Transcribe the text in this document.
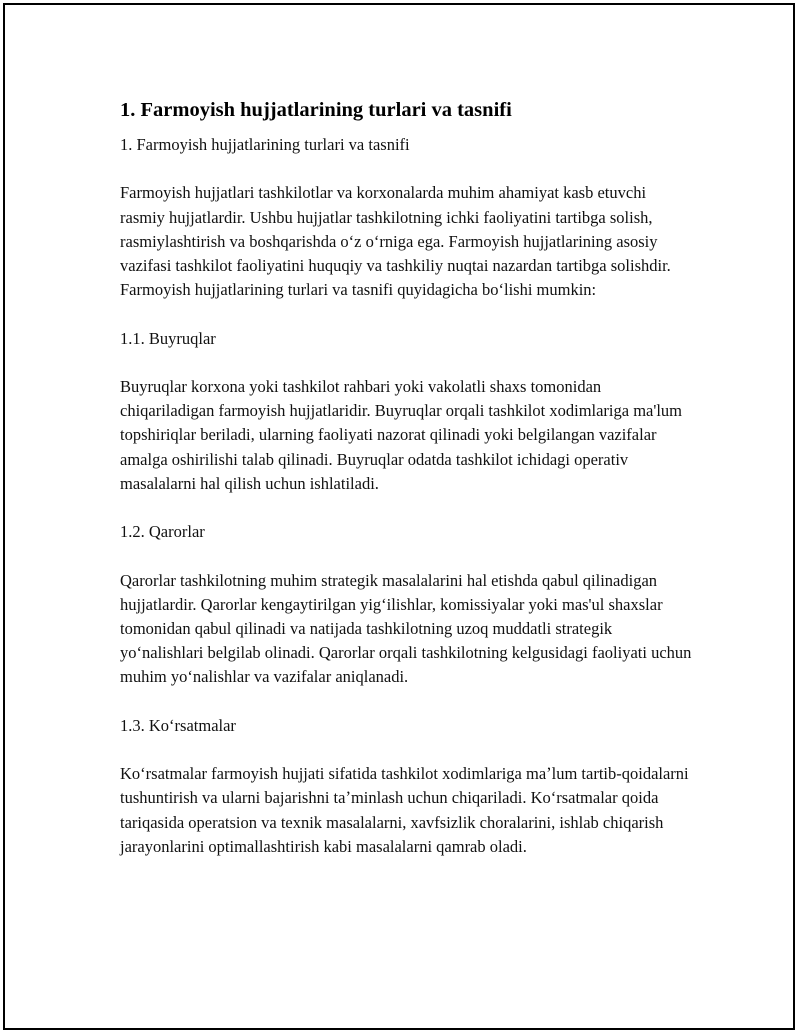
1. Farmoyish hujjatlarining turlari va tasnifi

1. Farmoyish hujjatlarining turlari va tasnifi

Farmoyish hujjatlari tashkilotlar va korxonalarda muhim ahamiyat kasb etuvchi rasmiy hujjatlardir. Ushbu hujjatlar tashkilotning ichki faoliyatini tartibga solish, rasmiylashtirish va boshqarishda oʻz oʻrniga ega. Farmoyish hujjatlarining asosiy vazifasi tashkilot faoliyatini huquqiy va tashkiliy nuqtai nazardan tartibga solishdir. Farmoyish hujjatlarining turlari va tasnifi quyidagicha boʻlishi mumkin:

1.1. Buyruqlar

Buyruqlar korxona yoki tashkilot rahbari yoki vakolatli shaxs tomonidan chiqariladigan farmoyish hujjatlaridir. Buyruqlar orqali tashkilot xodimlariga ma'lum topshiriqlar beriladi, ularning faoliyati nazorat qilinadi yoki belgilangan vazifalar amalga oshirilishi talab qilinadi. Buyruqlar odatda tashkilot ichidagi operativ masalalarni hal qilish uchun ishlatiladi.

1.2. Qarorlar

Qarorlar tashkilotning muhim strategik masalalarini hal etishda qabul qilinadigan hujjatlardir. Qarorlar kengaytirilgan yigʻilishlar, komissiyalar yoki mas'ul shaxslar tomonidan qabul qilinadi va natijada tashkilotning uzoq muddatli strategik yoʻnalishlari belgilab olinadi. Qarorlar orqali tashkilotning kelgusidagi faoliyati uchun muhim yoʻnalishlar va vazifalar aniqlanadi.

1.3. Koʻrsatmalar

Koʻrsatmalar farmoyish hujjati sifatida tashkilot xodimlariga maʼlum tartib-qoidalarni tushuntirish va ularni bajarishni taʼminlash uchun chiqariladi. Koʻrsatmalar qoida tariqasida operatsion va texnik masalalarni, xavfsizlik choralarini, ishlab chiqarish jarayonlarini optimallashtirish kabi masalalarni qamrab oladi.
